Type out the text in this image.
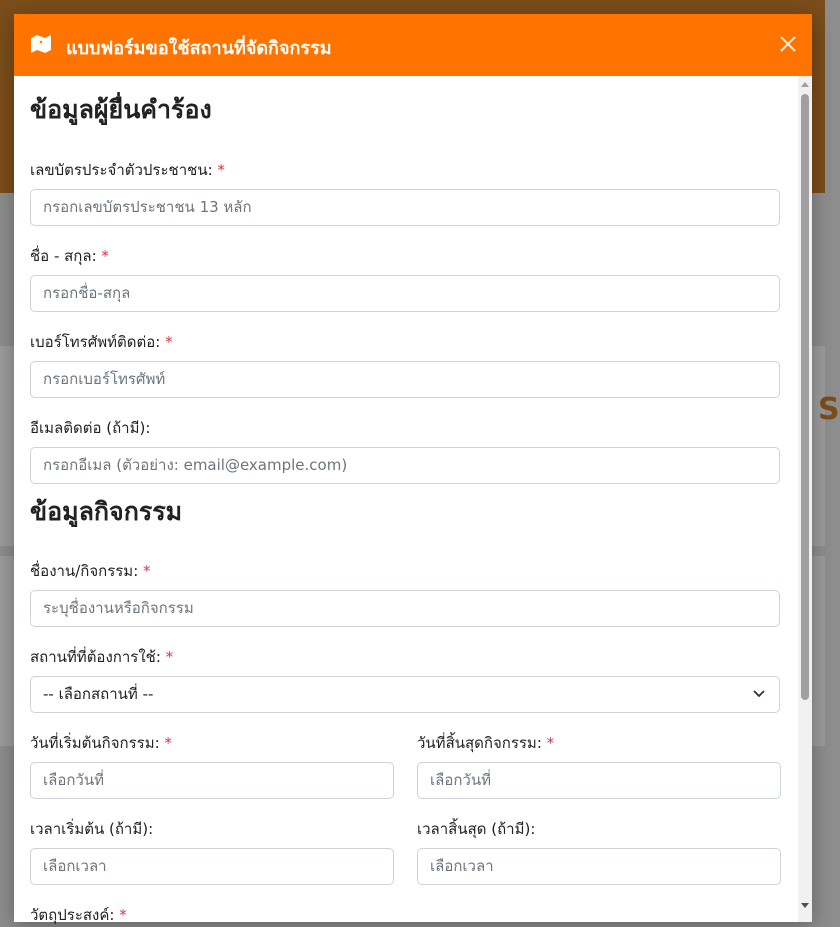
S
แบบฟอร์มขอใช้สถานที่จัดกิจกรรม
ข้อมูลผู้ยื่นคำร้อง
เลขบัตรประจำตัวประชาชน: *
กรอกเลขบัตรประชาชน 13 หลัก
ชื่อ - สกุล: *
กรอกชื่อ-สกุล
เบอร์โทรศัพท์ติดต่อ: *
กรอกเบอร์โทรศัพท์
อีเมลติดต่อ (ถ้ามี):
กรอกอีเมล (ตัวอย่าง: email@example.com)
ข้อมูลกิจกรรม
ชื่องาน/กิจกรรม: *
ระบุชื่องานหรือกิจกรรม
สถานที่ที่ต้องการใช้: *
-- เลือกสถานที่ --
วันที่เริ่มต้นกิจกรรม: *	วันที่สิ้นสุดกิจกรรม: *
เลือกวันที่	เลือกวันที่
เวลาเริ่มต้น (ถ้ามี):	เวลาสิ้นสุด (ถ้ามี):
เลือกเวลา	เลือกเวลา
วัตถุประสงค์: *
